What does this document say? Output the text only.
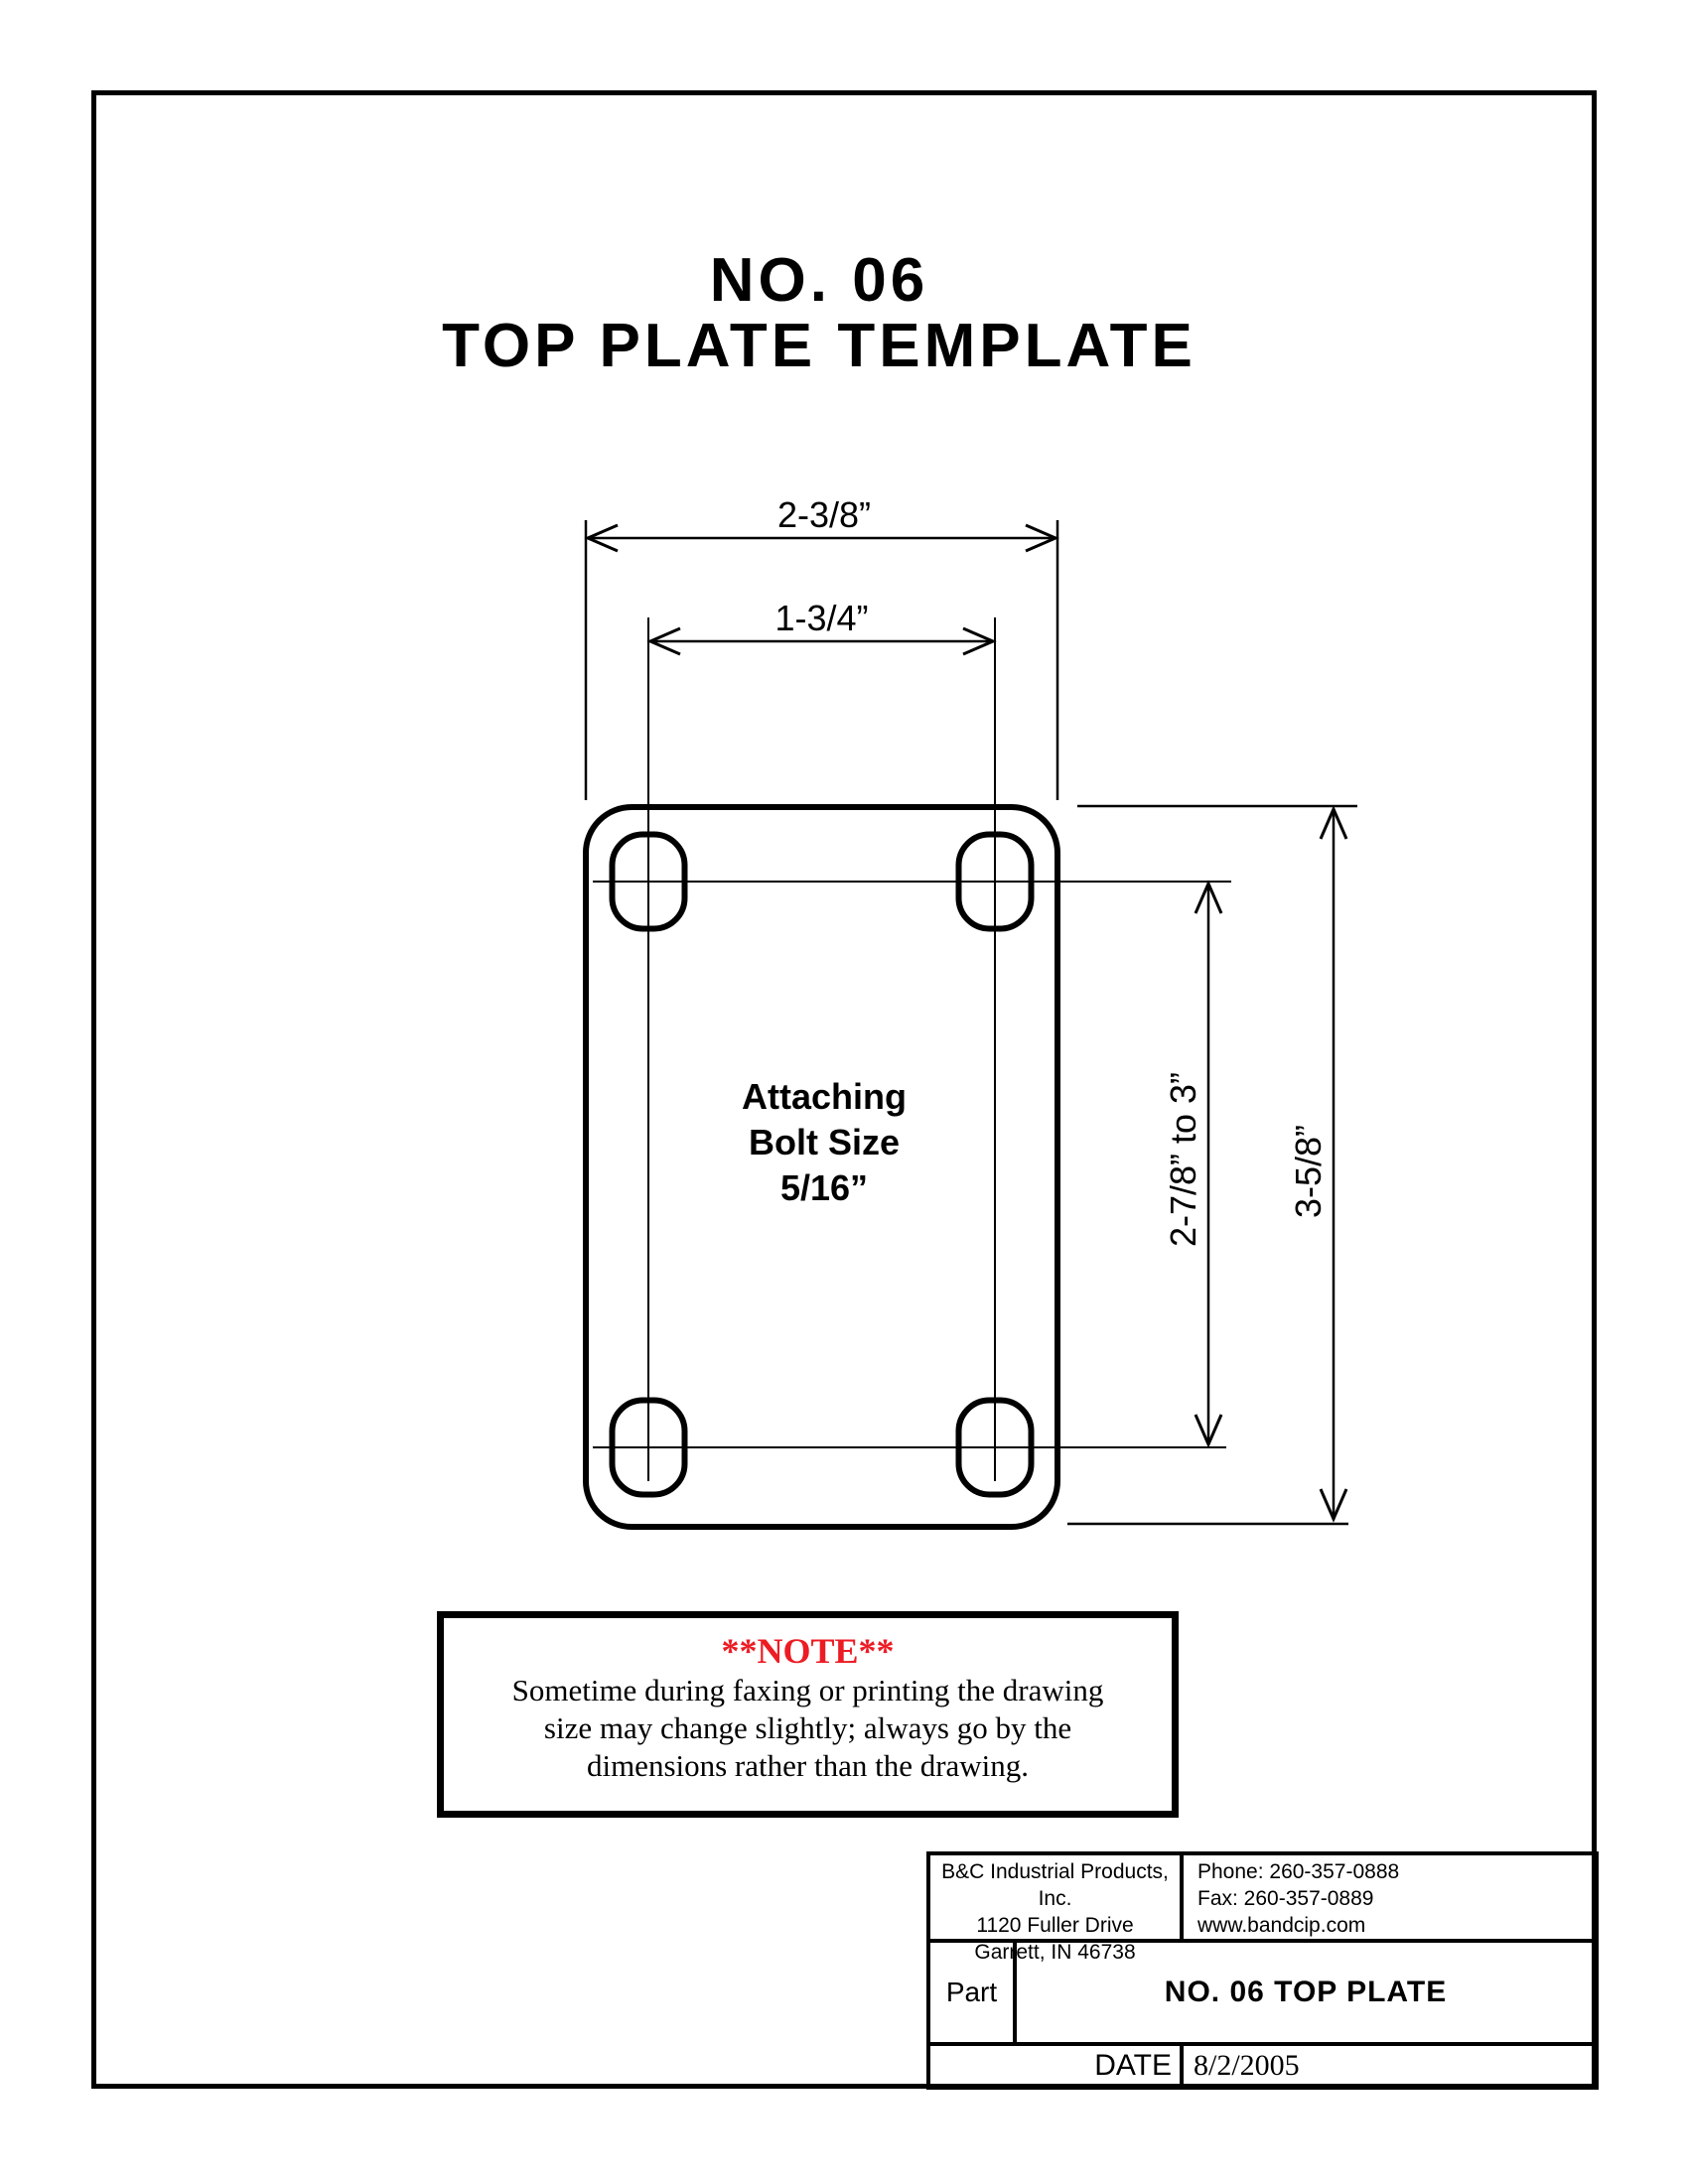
NO. 06
TOP PLATE TEMPLATE
2-3/8”
1-3/4”
2-7/8” to 3” 3-5/8”
Attaching
Bolt Size
5/16”
**NOTE**
Sometime during faxing or printing the drawing
size may change slightly; always go by the
dimensions rather than the drawing.
B&C Industrial Products, Inc.
1120 Fuller Drive
Garrett, IN 46738
Phone: 260-357-0888
Fax: 260-357-0889
www.bandcip.com
Part	NO. 06 TOP PLATE
DATE 8/2/2005
